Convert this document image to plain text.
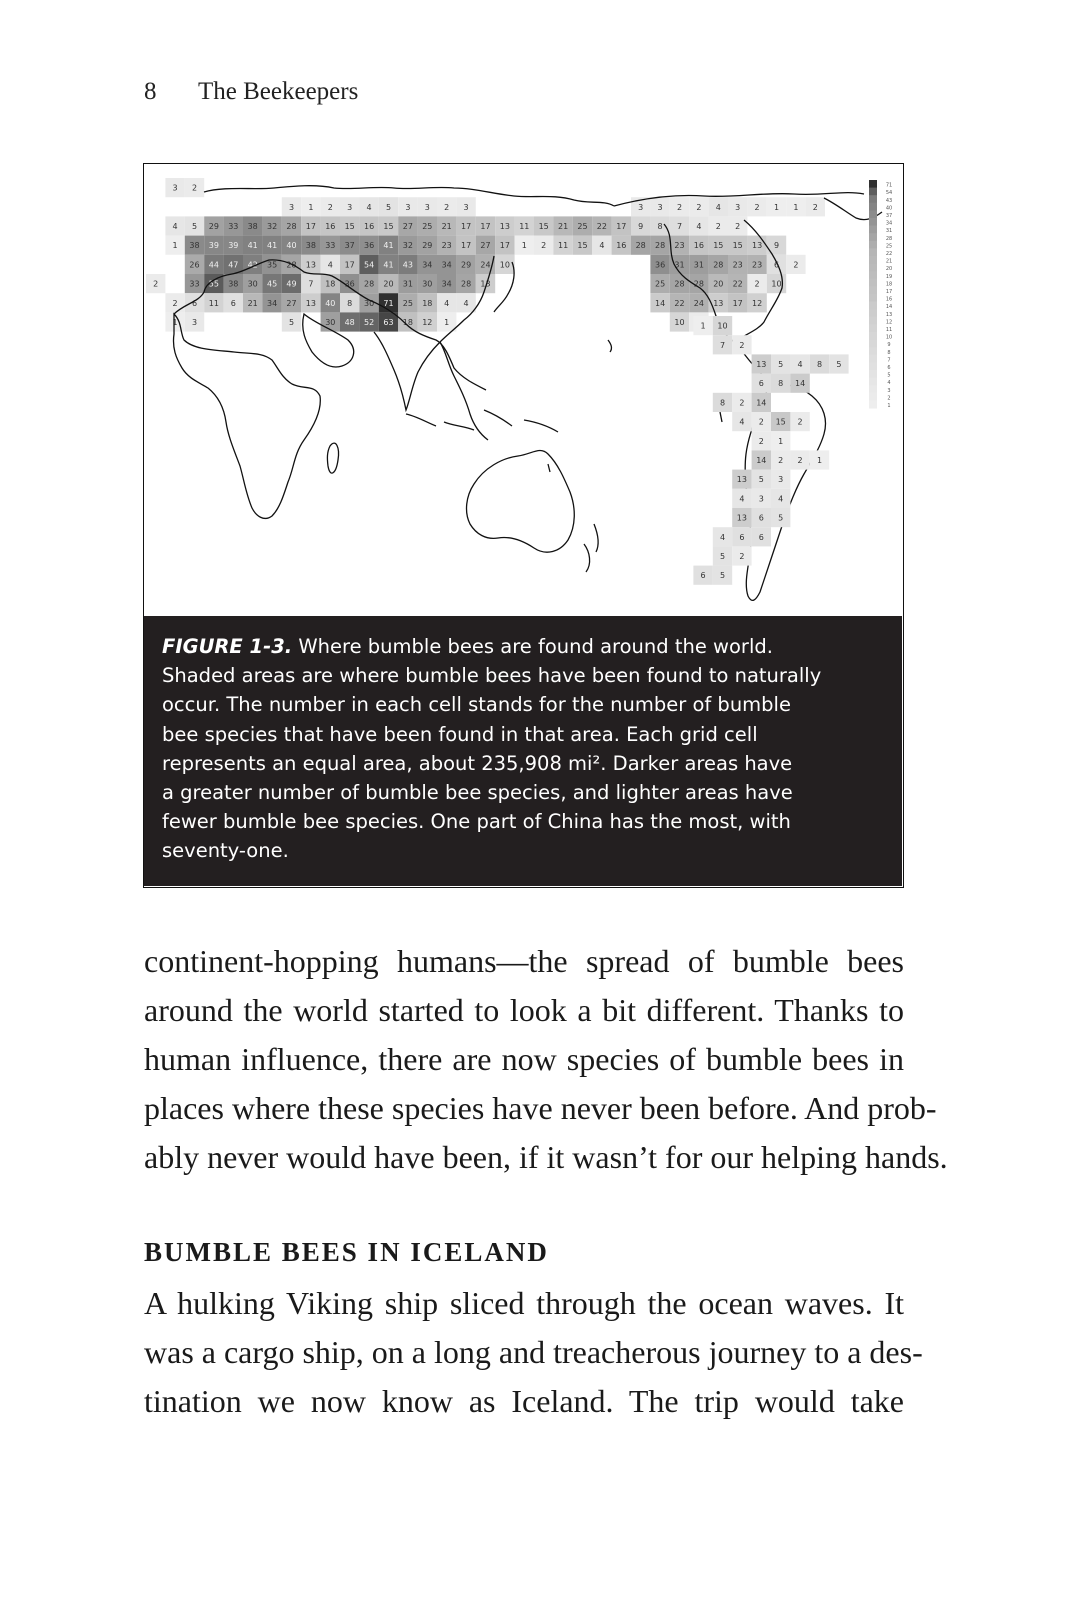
8 The Beekeepers
3 2
3 1 2 3 4 5 3 3 2 3	3 3 2 2 4 3 2 1 1 2
4 5 29 33 38 32 28 17 16 15 16 15 27 25 21 17 17 13 11 15 21 25 22 17 9 8 7 4 2 2
1 38 39 39 41 41 40 38 33 37 36 41 32 29 23 17 27 17 1 2 11 15 4 16 28 28 23 16 15 15 13 9
26 44 47 42 35 28 13 4 17 54 41 43 34 34 29 24 10	36 31 31 28 23 23 6 2
2	33 55 38 30 45 49 7 18 36 28 20 31 30 34 28 13	25 28 28 20 22 2 10
2 6 11 6 21 34 27 13 40 8 30 71 25 18 4 4	14 22 24 13 17 12
1 3	5	30 48 52 63 18 12 1	10 1 10
7 2
13 5 4 8 5
6 8 14
8 2 14
4 2 15 2
2 1
14 2 2 1
13 5 3
4 3 4
13 6 5
4 6 6
5 2
6 5
71
54
43
40
37
34
31
28
25
22
21
20
19
18
17
16
14
13
12
11
10
9
8
7
6
5
4
3
2
1
FIGURE 1-3. Where bumble bees are found around the world.
Shaded areas are where bumble bees have been found to naturally
occur. The number in each cell stands for the number of bumble
bee species that have been found in that area. Each grid cell
represents an equal area, about 235,908 mi². Darker areas have
a greater number of bumble bee species, and lighter areas have
fewer bumble bee species. One part of China has the most, with
seventy-one.
continent-hopping humans—the spread of bumble bees
around the world started to look a bit different. Thanks to
human influence, there are now species of bumble bees in
places where these species have never been before. And prob-
ably never would have been, if it wasn’t for our helping hands.
BUMBLE BEES IN ICELAND
A hulking Viking ship sliced through the ocean waves. It
was a cargo ship, on a long and treacherous journey to a des-
tination we now know as Iceland. The trip would take
